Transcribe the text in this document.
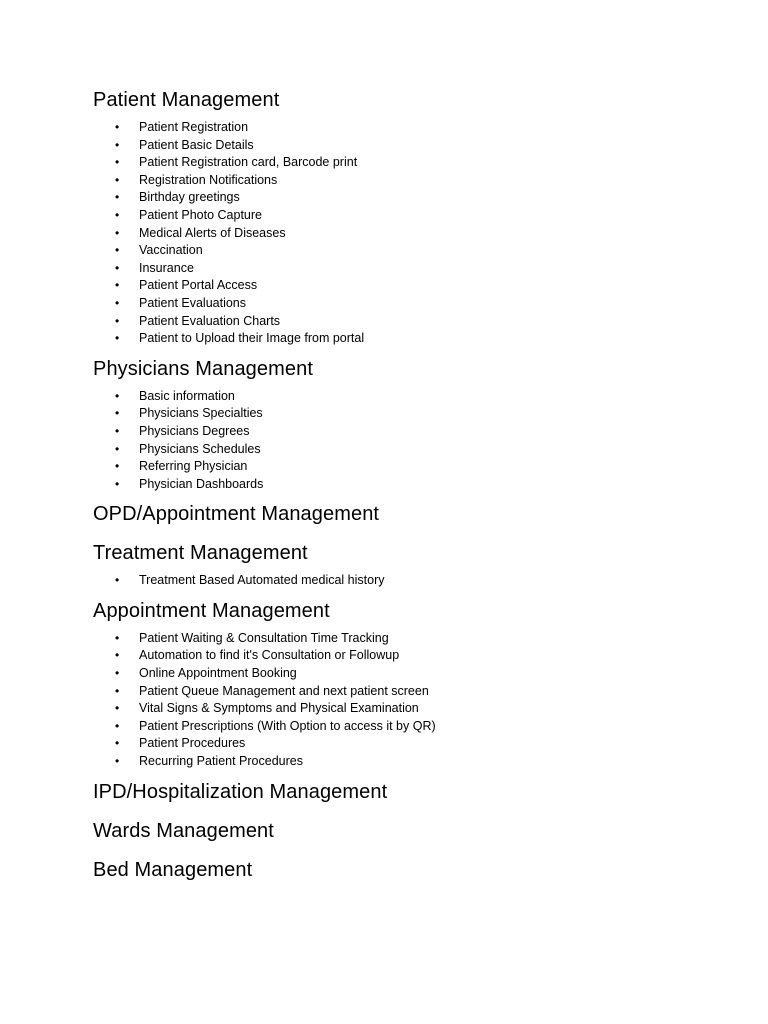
Patient Management
• Patient Registration
• Patient Basic Details
• Patient Registration card, Barcode print
• Registration Notifications
• Birthday greetings
• Patient Photo Capture
• Medical Alerts of Diseases
• Vaccination
• Insurance
• Patient Portal Access
• Patient Evaluations
• Patient Evaluation Charts
• Patient to Upload their Image from portal
Physicians Management
• Basic information
• Physicians Specialties
• Physicians Degrees
• Physicians Schedules
• Referring Physician
• Physician Dashboards
OPD/Appointment Management
Treatment Management
• Treatment Based Automated medical history
Appointment Management
• Patient Waiting & Consultation Time Tracking
• Automation to find it's Consultation or Followup
• Online Appointment Booking
• Patient Queue Management and next patient screen
• Vital Signs & Symptoms and Physical Examination
• Patient Prescriptions (With Option to access it by QR)
• Patient Procedures
• Recurring Patient Procedures
IPD/Hospitalization Management
Wards Management
Bed Management
